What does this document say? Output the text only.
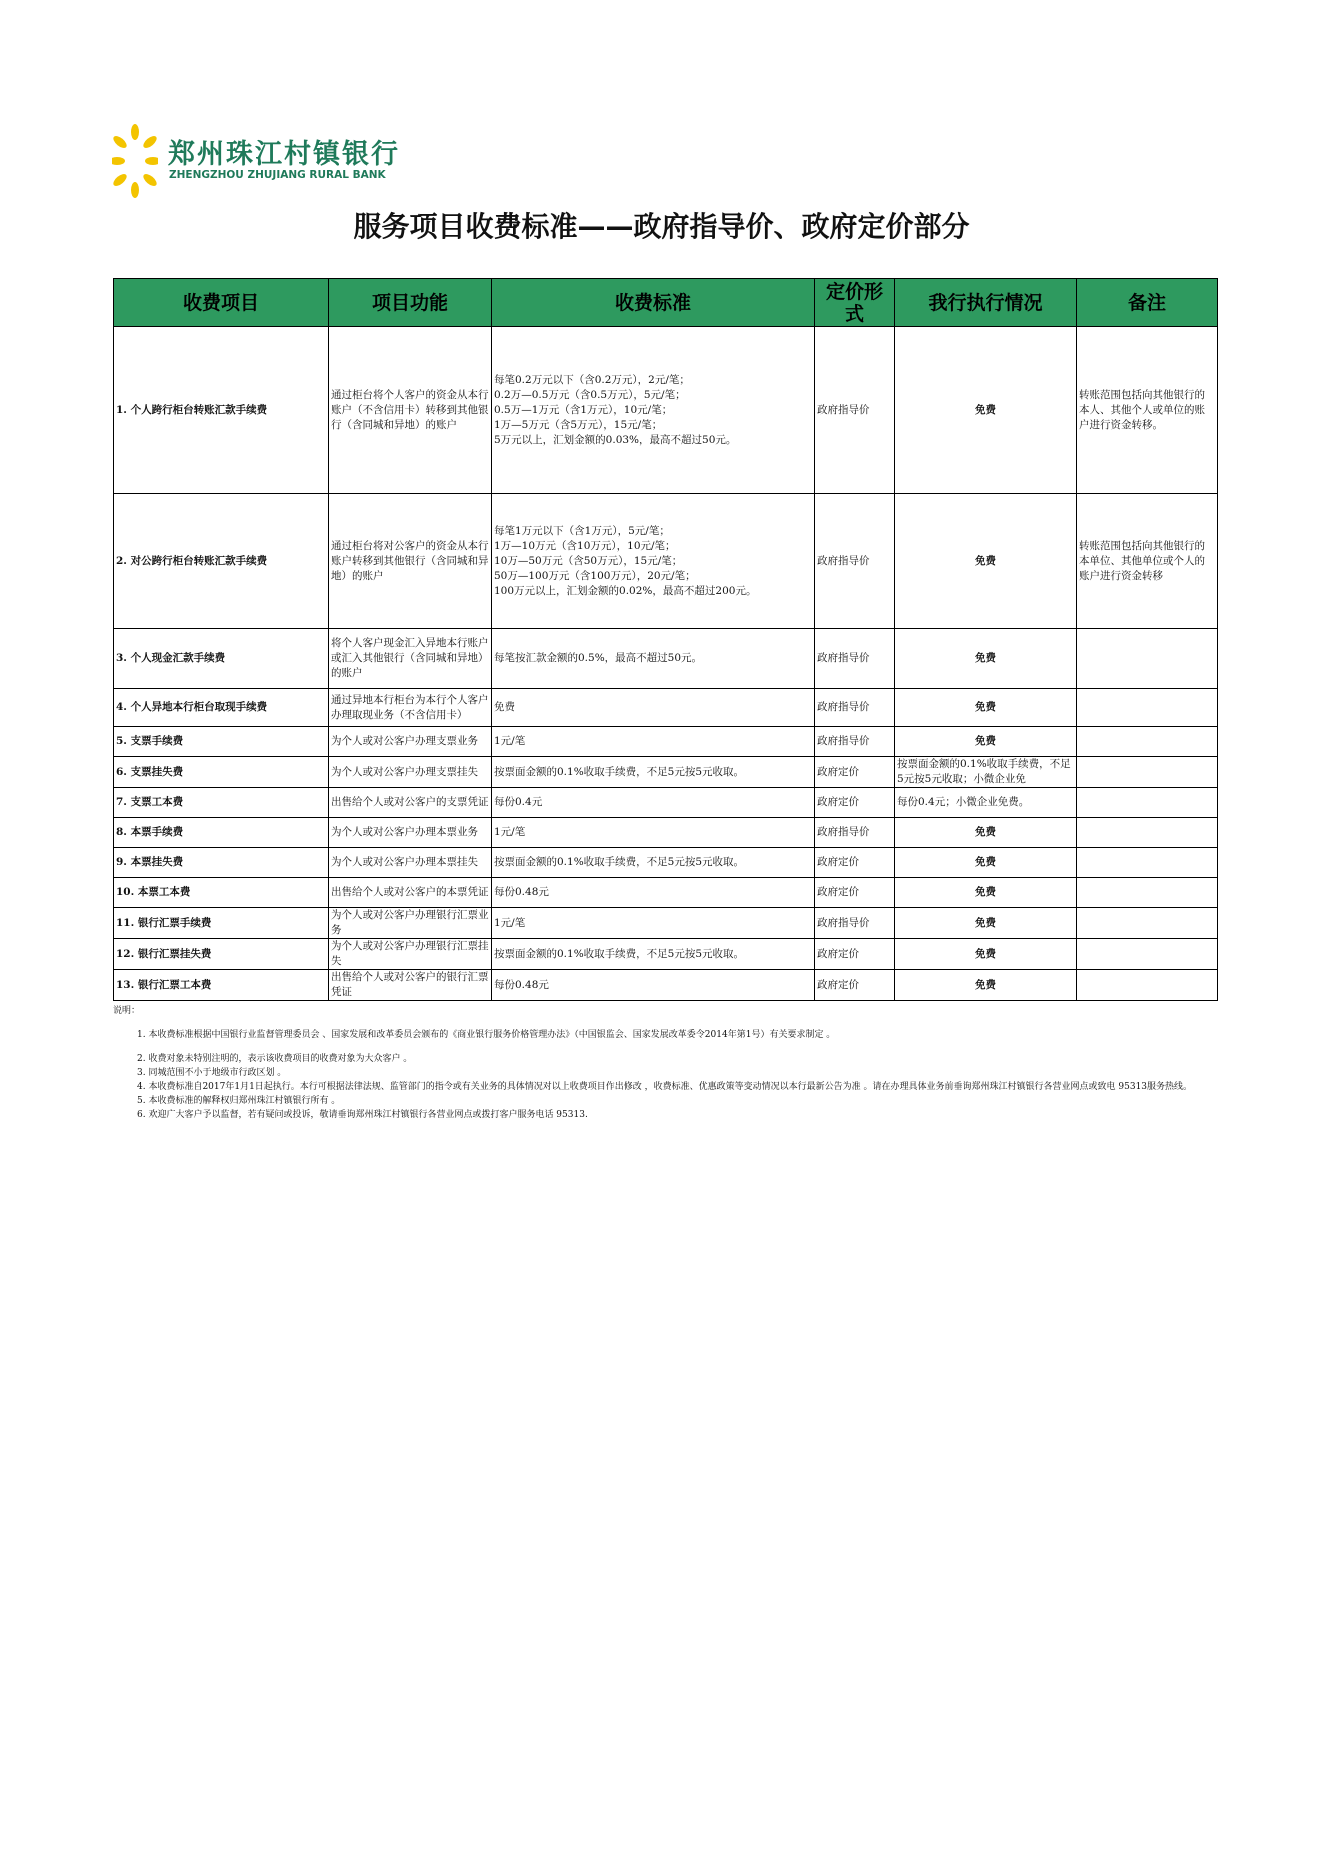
郑州珠江村镇银行
ZHENGZHOU ZHUJIANG RURAL BANK
服务项目收费标准——政府指导价、政府定价部分
收费项目	项目功能	收费标准	定价形式	我行执行情况	备注
1. 个人跨行柜台转账汇款手续费	通过柜台将个人客户的资金从本行账户（不含信用卡）转移到其他银行（含同城和异地）的账户	每笔0.2万元以下（含0.2万元），2元/笔；
0.2万—0.5万元（含0.5万元），5元/笔；
0.5万—1万元（含1万元），10元/笔；
1万—5万元（含5万元），15元/笔；
5万元以上，汇划金额的0.03%，最高不超过50元。	政府指导价	免费	转账范围包括向其他银行的本人、其他个人或单位的账户进行资金转移。
2. 对公跨行柜台转账汇款手续费	通过柜台将对公客户的资金从本行账户转移到其他银行（含同城和异地）的账户	每笔1万元以下（含1万元），5元/笔；
1万—10万元（含10万元），10元/笔；
10万—50万元（含50万元），15元/笔；
50万—100万元（含100万元），20元/笔；
100万元以上，汇划金额的0.02%，最高不超过200元。	政府指导价	免费	转账范围包括向其他银行的本单位、其他单位或个人的账户进行资金转移
3. 个人现金汇款手续费	将个人客户现金汇入异地本行账户或汇入其他银行（含同城和异地）的账户	每笔按汇款金额的0.5%，最高不超过50元。	政府指导价	免费	
4. 个人异地本行柜台取现手续费	通过异地本行柜台为本行个人客户办理取现业务（不含信用卡）	免费	政府指导价	免费	
5. 支票手续费	为个人或对公客户办理支票业务	1元/笔	政府指导价	免费	
6. 支票挂失费	为个人或对公客户办理支票挂失	按票面金额的0.1%收取手续费，不足5元按5元收取。	政府定价	按票面金额的0.1%收取手续费，不足5元按5元收取；小微企业免	
7. 支票工本费	出售给个人或对公客户的支票凭证	每份0.4元	政府定价	每份0.4元；小微企业免费。	
8. 本票手续费	为个人或对公客户办理本票业务	1元/笔	政府指导价	免费	
9. 本票挂失费	为个人或对公客户办理本票挂失	按票面金额的0.1%收取手续费，不足5元按5元收取。	政府定价	免费	
10. 本票工本费	出售给个人或对公客户的本票凭证	每份0.48元	政府定价	免费	
11. 银行汇票手续费	为个人或对公客户办理银行汇票业务	1元/笔	政府指导价	免费	
12. 银行汇票挂失费	为个人或对公客户办理银行汇票挂失	按票面金额的0.1%收取手续费，不足5元按5元收取。	政府定价	免费	
13. 银行汇票工本费	出售给个人或对公客户的银行汇票凭证	每份0.48元	政府定价	免费	
说明：
1. 本收费标准根据中国银行业监督管理委员会 、国家发展和改革委员会颁布的《商业银行服务价格管理办法》（中国银监会、国家发展改革委令2014年第1号）有关要求制定 。
2. 收费对象未特别注明的，表示该收费项目的收费对象为大众客户 。
3. 同城范围不小于地级市行政区划 。
4. 本收费标准自2017年1月1日起执行。本行可根据法律法规、监管部门的指令或有关业务的具体情况对以上收费项目作出修改 ，收费标准、优惠政策等变动情况以本行最新公告为准 。请在办理具体业务前垂询郑州珠江村镇银行各营业网点或致电 95313服务热线。
5. 本收费标准的解释权归郑州珠江村镇银行所有 。
6. 欢迎广大客户予以监督，若有疑问或投诉，敬请垂询郑州珠江村镇银行各营业网点或拨打客户服务电话 95313.
